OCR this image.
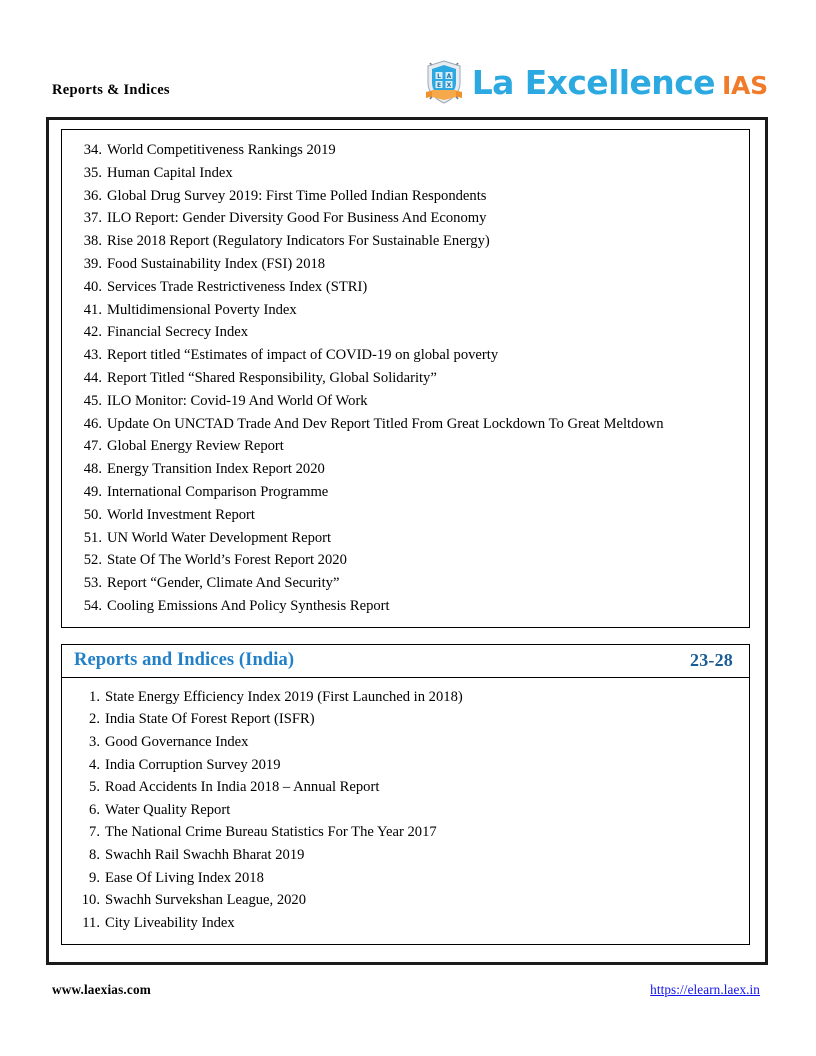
Reports & Indices
L A
E X La Excellence IAS
34. World Competitiveness Rankings 2019
35. Human Capital Index
36. Global Drug Survey 2019: First Time Polled Indian Respondents
37. ILO Report: Gender Diversity Good For Business And Economy
38. Rise 2018 Report (Regulatory Indicators For Sustainable Energy)
39. Food Sustainability Index (FSI) 2018
40. Services Trade Restrictiveness Index (STRI)
41. Multidimensional Poverty Index
42. Financial Secrecy Index
43. Report titled “Estimates of impact of COVID-19 on global poverty
44. Report Titled “Shared Responsibility, Global Solidarity”
45. ILO Monitor: Covid-19 And World Of Work
46. Update On UNCTAD Trade And Dev Report Titled From Great Lockdown To Great Meltdown
47. Global Energy Review Report
48. Energy Transition Index Report 2020
49. International Comparison Programme
50. World Investment Report
51. UN World Water Development Report
52. State Of The World’s Forest Report 2020
53. Report “Gender, Climate And Security”
54. Cooling Emissions And Policy Synthesis Report
Reports and Indices (India)	23-28
1. State Energy Efficiency Index 2019 (First Launched in 2018)
2. India State Of Forest Report (ISFR)
3. Good Governance Index
4. India Corruption Survey 2019
5. Road Accidents In India 2018 – Annual Report
6. Water Quality Report
7. The National Crime Bureau Statistics For The Year 2017
8. Swachh Rail Swachh Bharat 2019
9. Ease Of Living Index 2018
10. Swachh Survekshan League, 2020
11. City Liveability Index
www.laexias.com	https://elearn.laex.in
